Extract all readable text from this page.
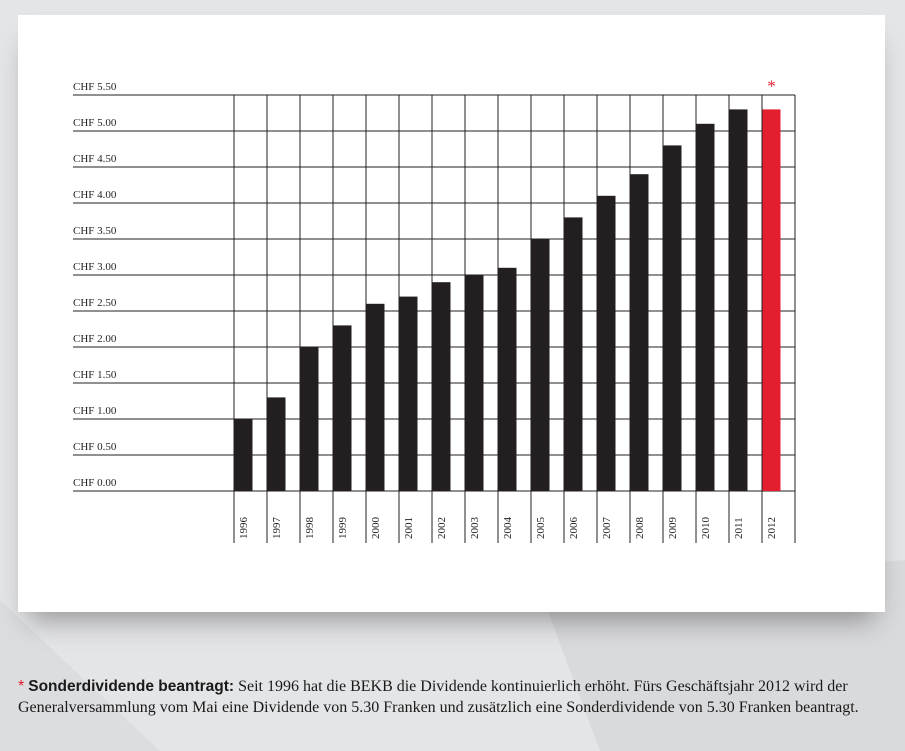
CHF 0.00
CHF 0.50
CHF 1.00
CHF 1.50
CHF 2.00
CHF 2.50
CHF 3.00
CHF 3.50
CHF 4.00
CHF 4.50
CHF 5.00
CHF 5.50
1996 1997 1998 1999 2000 2001 2002 2003 2004 2005 2006 2007 2008 2009 2010 2011 2012
*
* Sonderdividende beantragt: Seit 1996 hat die BEKB die Dividende kontinuierlich erhöht. Fürs Geschäftsjahr 2012 wird der Generalversammlung vom Mai eine Dividende von 5.30 Franken und zusätzlich eine Sonderdividende von 5.30 Franken beantragt.
